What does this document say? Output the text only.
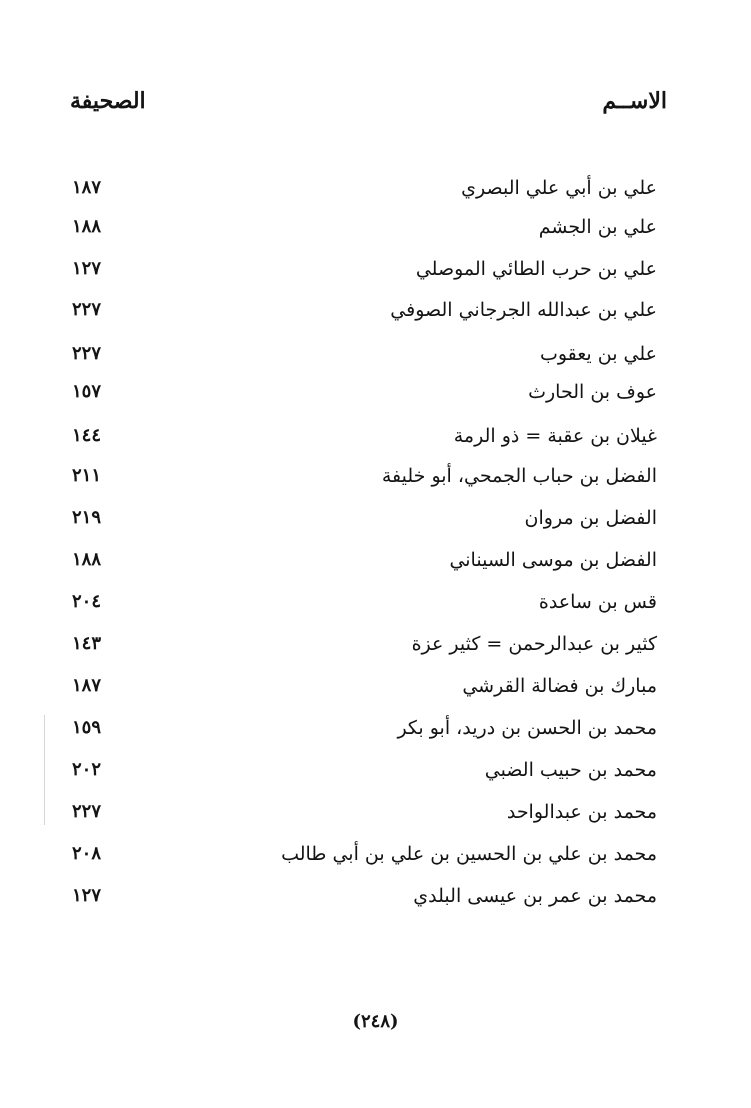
الاســم
الصحيفة
علي بن أبي علي البصري
١٨٧
علي بن الجشم
١٨٨
علي بن حرب الطائي الموصلي
١٢٧
علي بن عبدالله الجرجاني الصوفي
٢٢٧
علي بن يعقوب
٢٢٧
عوف بن الحارث
١٥٧
غيلان بن عقبة = ذو الرمة
١٤٤
الفضل بن حباب الجمحي، أبو خليفة
٢١١
الفضل بن مروان
٢١٩
الفضل بن موسى السيناني
١٨٨
قس بن ساعدة
٢٠٤
كثير بن عبدالرحمن = كثير عزة
١٤٣
مبارك بن فضالة القرشي
١٨٧
محمد بن الحسن بن دريد، أبو بكر
١٥٩
محمد بن حبيب الضبي
٢٠٢
محمد بن عبدالواحد
٢٢٧
محمد بن علي بن الحسين بن علي بن أبي طالب
٢٠٨
محمد بن عمر بن عيسى البلدي
١٢٧
(٢٤٨)
